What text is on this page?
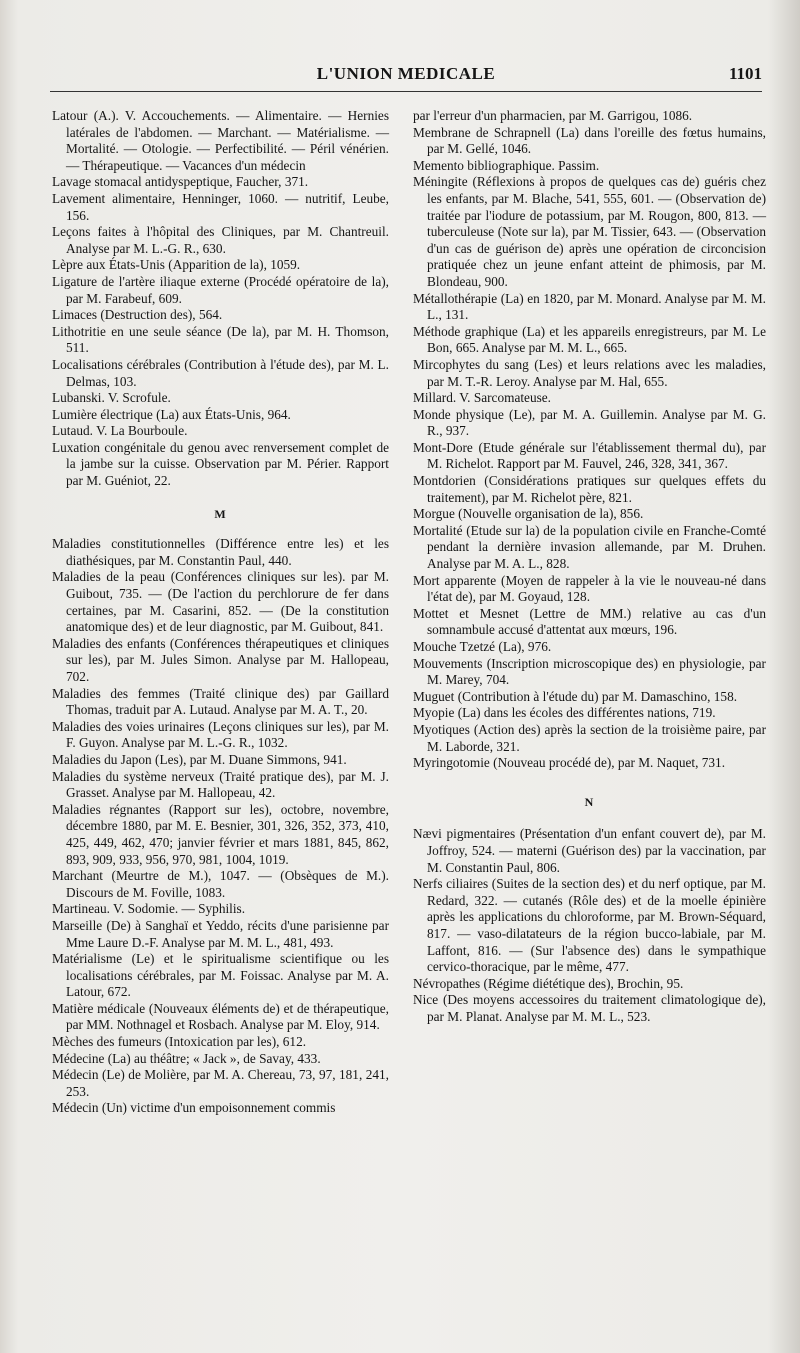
L'UNION MEDICALE	1101

Latour (A.). V. Accouchements. — Alimentaire. — Hernies latérales de l'abdomen. — Marchant. — Matérialisme. — Mortalité. — Otologie. — Perfectibilité. — Péril vénérien. — Thérapeutique. — Vacances d'un médecin

Lavage stomacal antidyspeptique, Faucher, 371.

Lavement alimentaire, Henninger, 1060. — nutritif, Leube, 156.

Leçons faites à l'hôpital des Cliniques, par M. Chantreuil. Analyse par M. L.-G. R., 630.

Lèpre aux États-Unis (Apparition de la), 1059.

Ligature de l'artère iliaque externe (Procédé opératoire de la), par M. Farabeuf, 609.

Limaces (Destruction des), 564.

Lithotritie en une seule séance (De la), par M. H. Thomson, 511.

Localisations cérébrales (Contribution à l'étude des), par M. L. Delmas, 103.

Lubanski. V. Scrofule.

Lumière électrique (La) aux États-Unis, 964.

Lutaud. V. La Bourboule.

Luxation congénitale du genou avec renversement complet de la jambe sur la cuisse. Observation par M. Périer. Rapport par M. Guéniot, 22.

M

Maladies constitutionnelles (Différence entre les) et les diathésiques, par M. Constantin Paul, 440.

Maladies de la peau (Conférences cliniques sur les). par M. Guibout, 735. — (De l'action du perchlorure de fer dans certaines, par M. Casarini, 852. — (De la constitution anatomique des) et de leur diagnostic, par M. Guibout, 841.

Maladies des enfants (Conférences thérapeutiques et cliniques sur les), par M. Jules Simon. Analyse par M. Hallopeau, 702.

Maladies des femmes (Traité clinique des) par Gaillard Thomas, traduit par A. Lutaud. Analyse par M. A. T., 20.

Maladies des voies urinaires (Leçons cliniques sur les), par M. F. Guyon. Analyse par M. L.-G. R., 1032.

Maladies du Japon (Les), par M. Duane Simmons, 941.

Maladies du système nerveux (Traité pratique des), par M. J. Grasset. Analyse par M. Hallopeau, 42.

Maladies régnantes (Rapport sur les), octobre, novembre, décembre 1880, par M. E. Besnier, 301, 326, 352, 373, 410, 425, 449, 462, 470; janvier février et mars 1881, 845, 862, 893, 909, 933, 956, 970, 981, 1004, 1019.

Marchant (Meurtre de M.), 1047. — (Obsèques de M.). Discours de M. Foville, 1083.

Martineau. V. Sodomie. — Syphilis.

Marseille (De) à Sanghaï et Yeddo, récits d'une parisienne par Mme Laure D.-F. Analyse par M. M. L., 481, 493.

Matérialisme (Le) et le spiritualisme scientifique ou les localisations cérébrales, par M. Foissac. Analyse par M. A. Latour, 672.

Matière médicale (Nouveaux éléments de) et de thérapeutique, par MM. Nothnagel et Rosbach. Analyse par M. Eloy, 914.

Mèches des fumeurs (Intoxication par les), 612.

Médecine (La) au théâtre; « Jack », de Savay, 433.

Médecin (Le) de Molière, par M. A. Chereau, 73, 97, 181, 241, 253.

Médecin (Un) victime d'un empoisonnement commis

par l'erreur d'un pharmacien, par M. Garrigou, 1086.

Membrane de Schrapnell (La) dans l'oreille des fœtus humains, par M. Gellé, 1046.

Memento bibliographique. Passim.

Méningite (Réflexions à propos de quelques cas de) guéris chez les enfants, par M. Blache, 541, 555, 601. — (Observation de) traitée par l'iodure de potassium, par M. Rougon, 800, 813. — tuberculeuse (Note sur la), par M. Tissier, 643. — (Observation d'un cas de guérison de) après une opération de circoncision pratiquée chez un jeune enfant atteint de phimosis, par M. Blondeau, 900.

Métallothérapie (La) en 1820, par M. Monard. Analyse par M. M. L., 131.

Méthode graphique (La) et les appareils enregistreurs, par M. Le Bon, 665. Analyse par M. M. L., 665.

Mircophytes du sang (Les) et leurs relations avec les maladies, par M. T.-R. Leroy. Analyse par M. Hal, 655.

Millard. V. Sarcomateuse.

Monde physique (Le), par M. A. Guillemin. Analyse par M. G. R., 937.

Mont-Dore (Etude générale sur l'établissement thermal du), par M. Richelot. Rapport par M. Fauvel, 246, 328, 341, 367.

Montdorien (Considérations pratiques sur quelques effets du traitement), par M. Richelot père, 821.

Morgue (Nouvelle organisation de la), 856.

Mortalité (Etude sur la) de la population civile en Franche-Comté pendant la dernière invasion allemande, par M. Druhen. Analyse par M. A. L., 828.

Mort apparente (Moyen de rappeler à la vie le nouveau-né dans l'état de), par M. Goyaud, 128.

Mottet et Mesnet (Lettre de MM.) relative au cas d'un somnambule accusé d'attentat aux mœurs, 196.

Mouche Tzetzé (La), 976.

Mouvements (Inscription microscopique des) en physiologie, par M. Marey, 704.

Muguet (Contribution à l'étude du) par M. Damaschino, 158.

Myopie (La) dans les écoles des différentes nations, 719.

Myotiques (Action des) après la section de la troisième paire, par M. Laborde, 321.

Myringotomie (Nouveau procédé de), par M. Naquet, 731.

N

Nævi pigmentaires (Présentation d'un enfant couvert de), par M. Joffroy, 524. — materni (Guérison des) par la vaccination, par M. Constantin Paul, 806.

Nerfs ciliaires (Suites de la section des) et du nerf optique, par M. Redard, 322. — cutanés (Rôle des) et de la moelle épinière après les applications du chloroforme, par M. Brown-Séquard, 817. — vaso-dilatateurs de la région bucco-labiale, par M. Laffont, 816. — (Sur l'absence des) dans le sympathique cervico-thoracique, par le même, 477.

Névropathes (Régime diététique des), Brochin, 95.

Nice (Des moyens accessoires du traitement climatologique de), par M. Planat. Analyse par M. M. L., 523.
